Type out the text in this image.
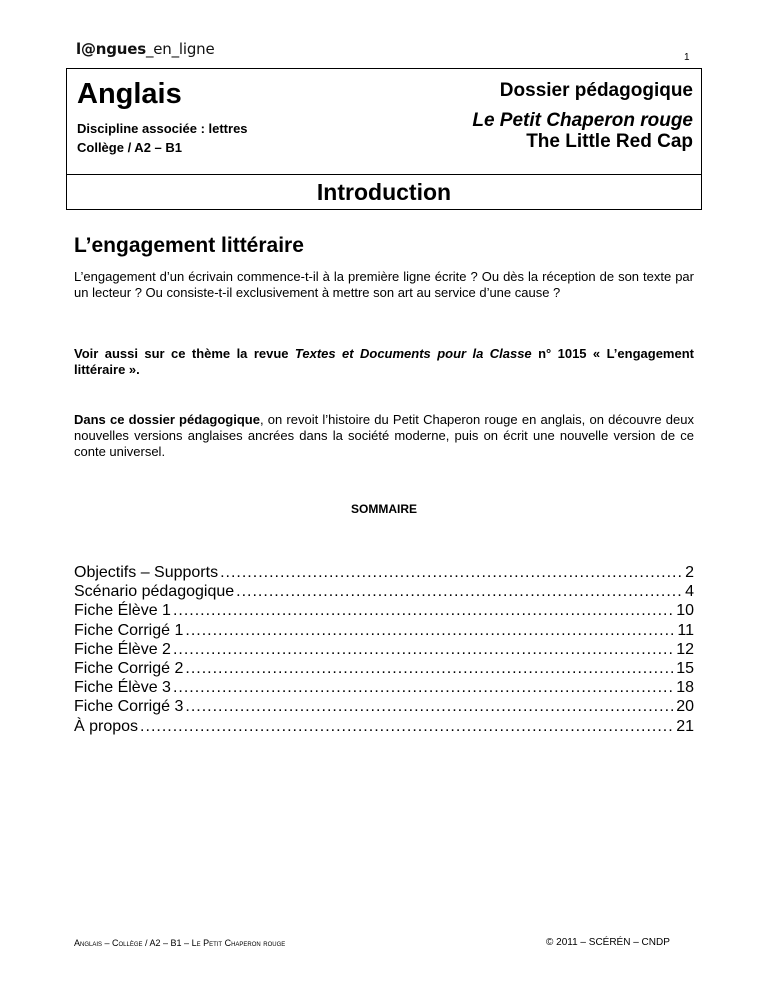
l@ngues_en_ligne	1
Anglais
Discipline associée : lettres
Collège / A2 – B1
Dossier pédagogique
Le Petit Chaperon rouge
The Little Red Cap
Introduction
L’engagement littéraire
L’engagement d’un écrivain commence-t-il à la première ligne écrite ? Ou dès la réception de son texte par un lecteur ? Ou consiste-t-il exclusivement à mettre son art au service d’une cause ?
Voir aussi sur ce thème la revue Textes et Documents pour la Classe n° 1015 « L’engagement littéraire ».
Dans ce dossier pédagogique, on revoit l’histoire du Petit Chaperon rouge en anglais, on découvre deux nouvelles versions anglaises ancrées dans la société moderne, puis on écrit une nouvelle version de ce conte universel.
SOMMAIRE
Objectifs – Supports .....	2
Scénario pédagogique .....	4
Fiche Élève 1 .....	10
Fiche Corrigé 1 .....	11
Fiche Élève 2 .....	12
Fiche Corrigé 2 .....	15
Fiche Élève 3 .....	18
Fiche Corrigé 3 .....	20
À propos .....	21
Anglais – Collège / A2 – B1 – Le Petit Chaperon rouge	© 2011 – SCÉRÉN – CNDP
